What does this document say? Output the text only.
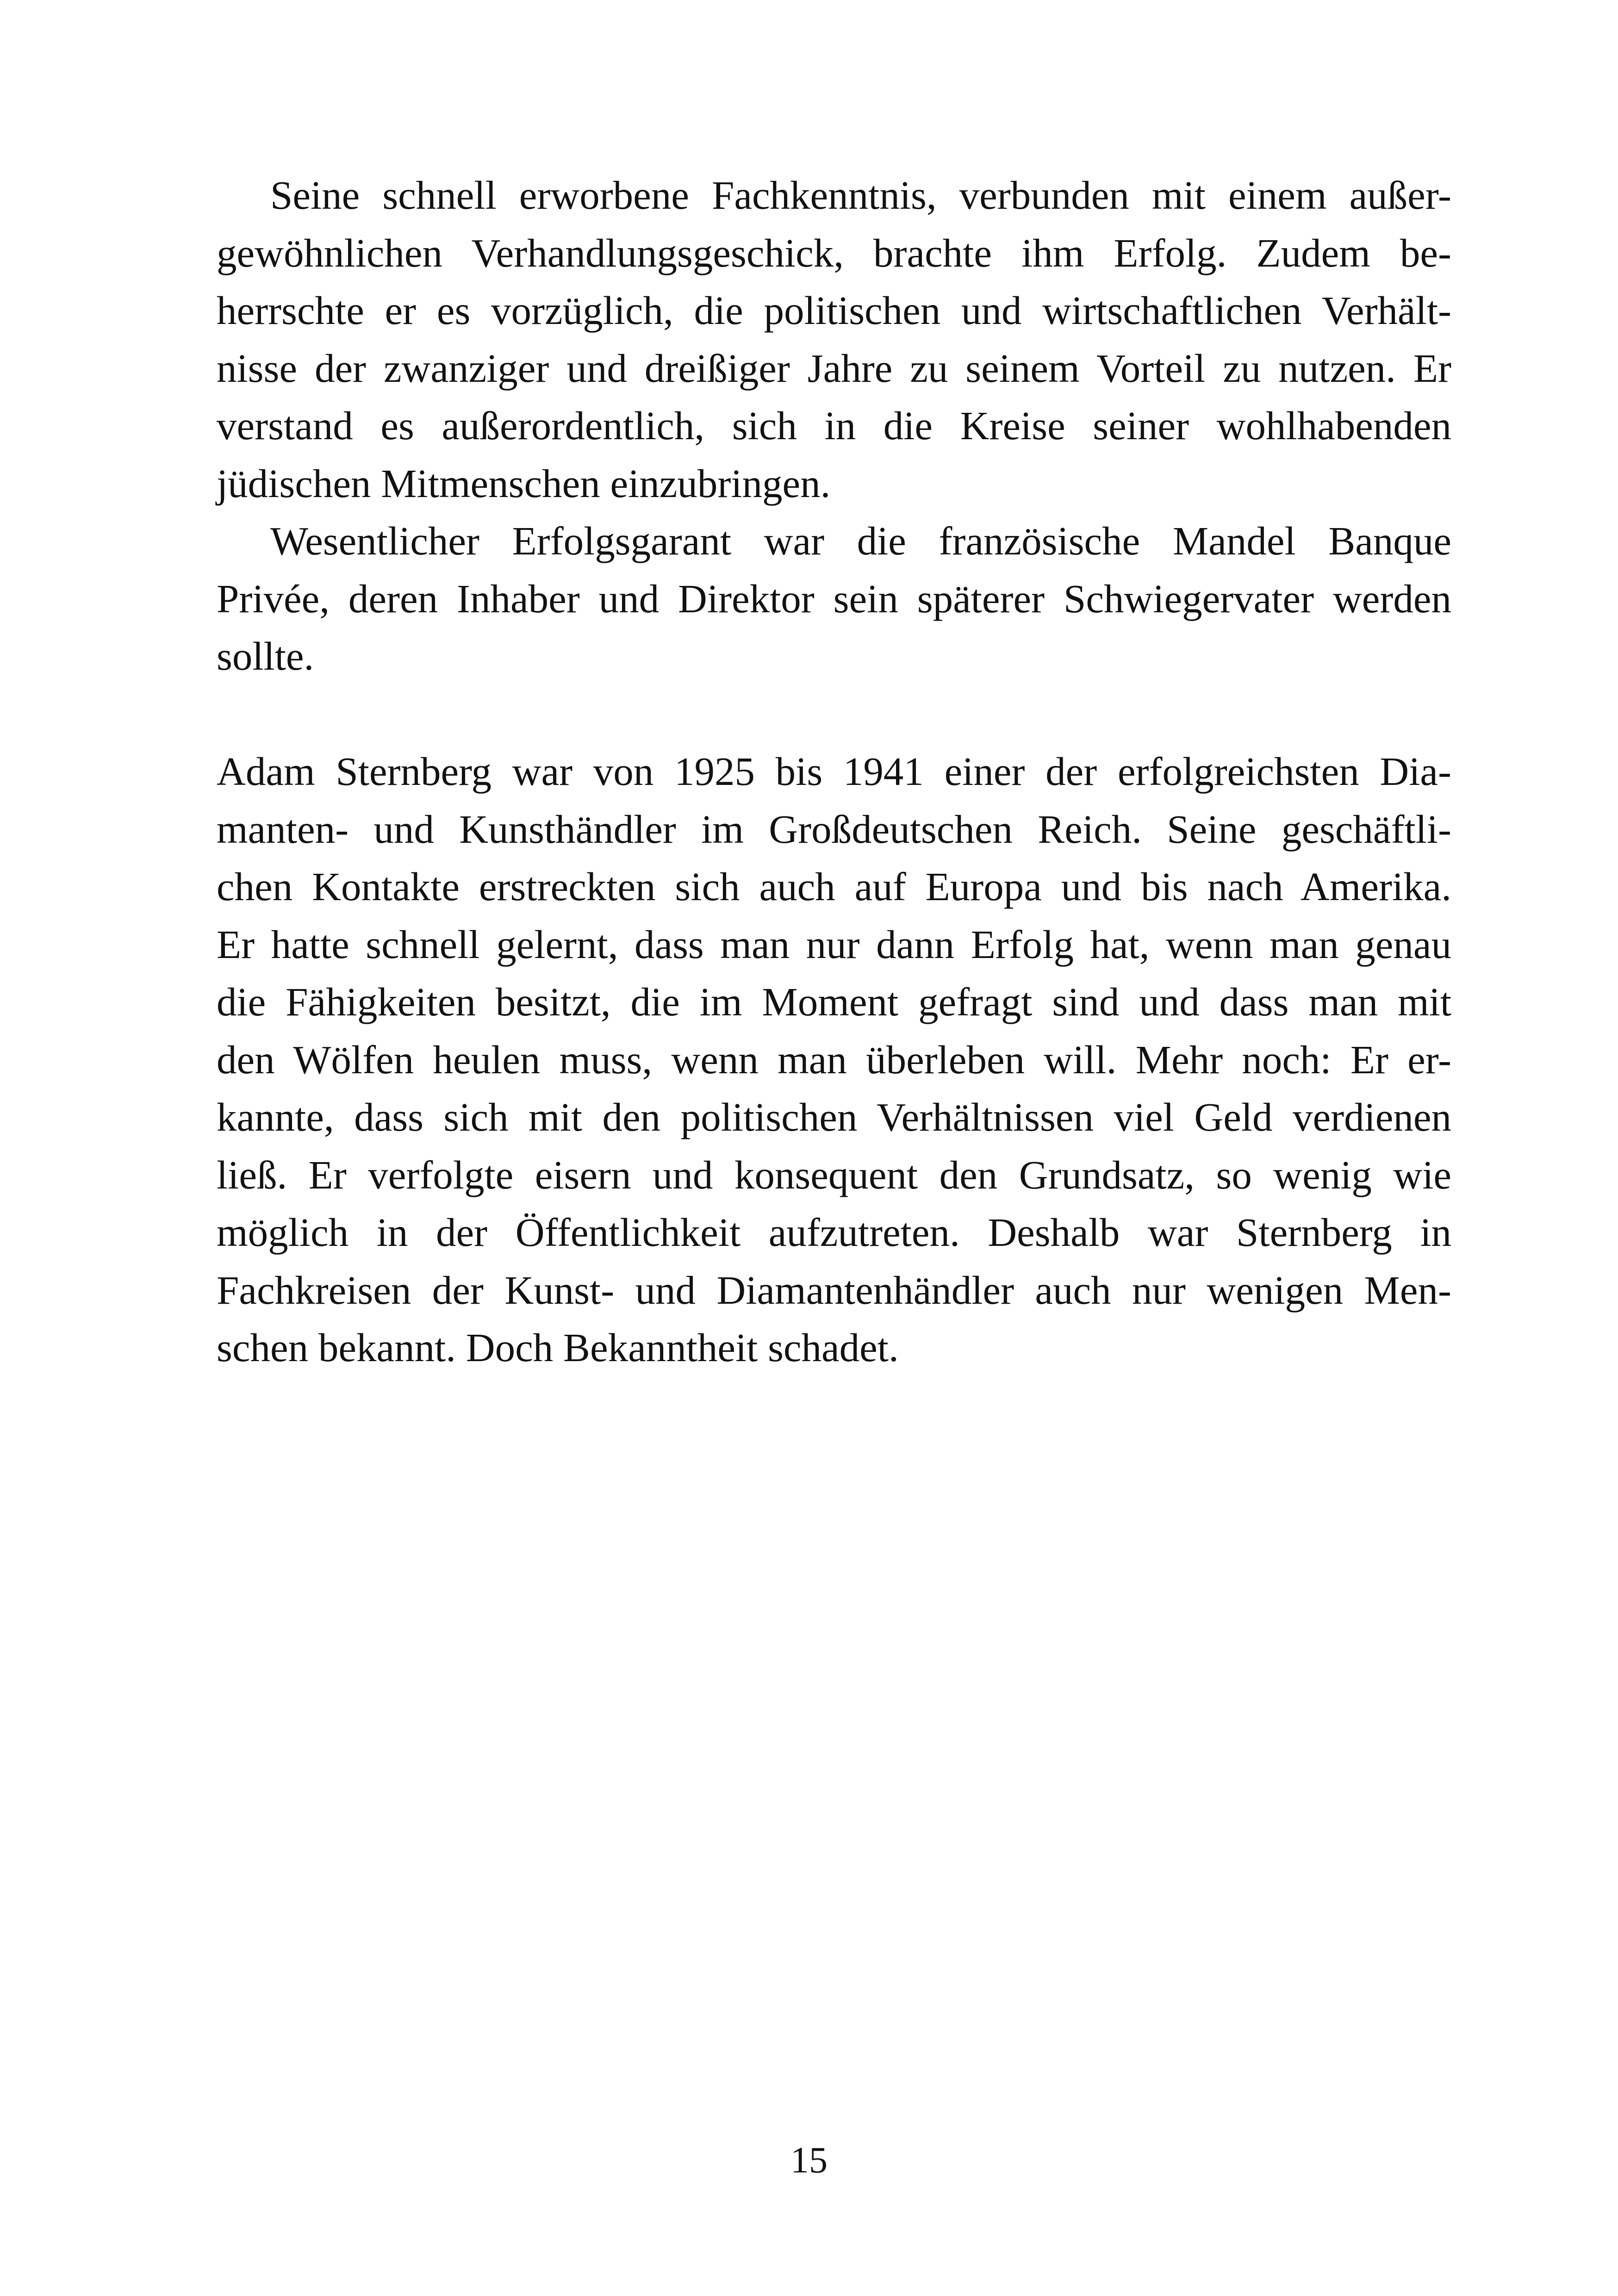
Seine schnell erworbene Fachkenntnis, verbunden mit einem außer-
gewöhnlichen Verhandlungsgeschick, brachte ihm Erfolg. Zudem be-
herrschte er es vorzüglich, die politischen und wirtschaftlichen Verhält-
nisse der zwanziger und dreißiger Jahre zu seinem Vorteil zu nutzen. Er
verstand es außerordentlich, sich in die Kreise seiner wohlhabenden
jüdischen Mitmenschen einzubringen.
Wesentlicher Erfolgsgarant war die französische Mandel Banque
Privée, deren Inhaber und Direktor sein späterer Schwiegervater werden
sollte.
Adam Sternberg war von 1925 bis 1941 einer der erfolgreichsten Dia-
manten- und Kunsthändler im Großdeutschen Reich. Seine geschäftli-
chen Kontakte erstreckten sich auch auf Europa und bis nach Amerika.
Er hatte schnell gelernt, dass man nur dann Erfolg hat, wenn man genau
die Fähigkeiten besitzt, die im Moment gefragt sind und dass man mit
den Wölfen heulen muss, wenn man überleben will. Mehr noch: Er er-
kannte, dass sich mit den politischen Verhältnissen viel Geld verdienen
ließ. Er verfolgte eisern und konsequent den Grundsatz, so wenig wie
möglich in der Öffentlichkeit aufzutreten. Deshalb war Sternberg in
Fachkreisen der Kunst- und Diamantenhändler auch nur wenigen Men-
schen bekannt. Doch Bekanntheit schadet.
15
